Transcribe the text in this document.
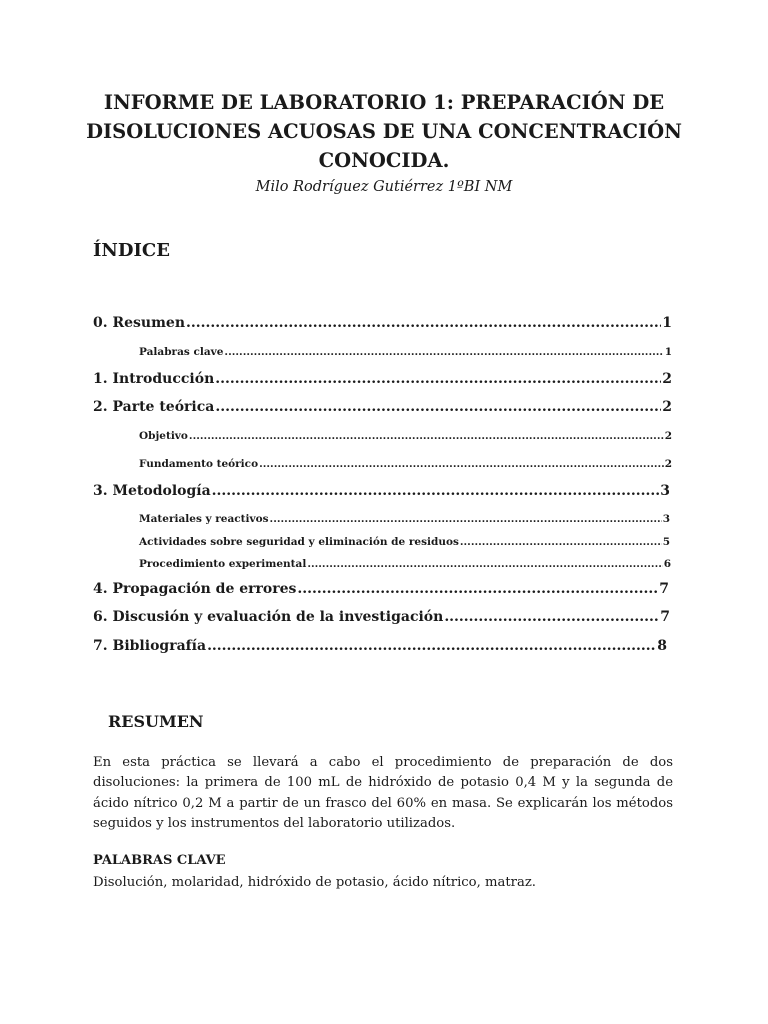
INFORME DE LABORATORIO 1: PREPARACIÓN DE DISOLUCIONES ACUOSAS DE UNA CONCENTRACIÓN CONOCIDA.
Milo Rodríguez Gutiérrez 1ºBI NM
ÍNDICE
0. Resumen .....	1
Palabras clave .....	1
1. Introducción .....	2
2. Parte teórica .....	2
Objetivo .....	2
Fundamento teórico .....	2
3. Metodología .....	3
Materiales y reactivos .....	3
Actividades sobre seguridad y eliminación de residuos .....	5
Procedimiento experimental .....	6
4. Propagación de errores .....	7
6. Discusión y evaluación de la investigación .....	7
7. Bibliografía .....	8
RESUMEN

En esta práctica se llevará a cabo el procedimiento de preparación de dos disoluciones: la primera de 100 mL de hidróxido de potasio 0,4 M y la segunda de ácido nítrico 0,2 M a partir de un frasco del 60% en masa. Se explicarán los métodos seguidos y los instrumentos del laboratorio utilizados.

PALABRAS CLAVE
Disolución, molaridad, hidróxido de potasio, ácido nítrico, matraz.
